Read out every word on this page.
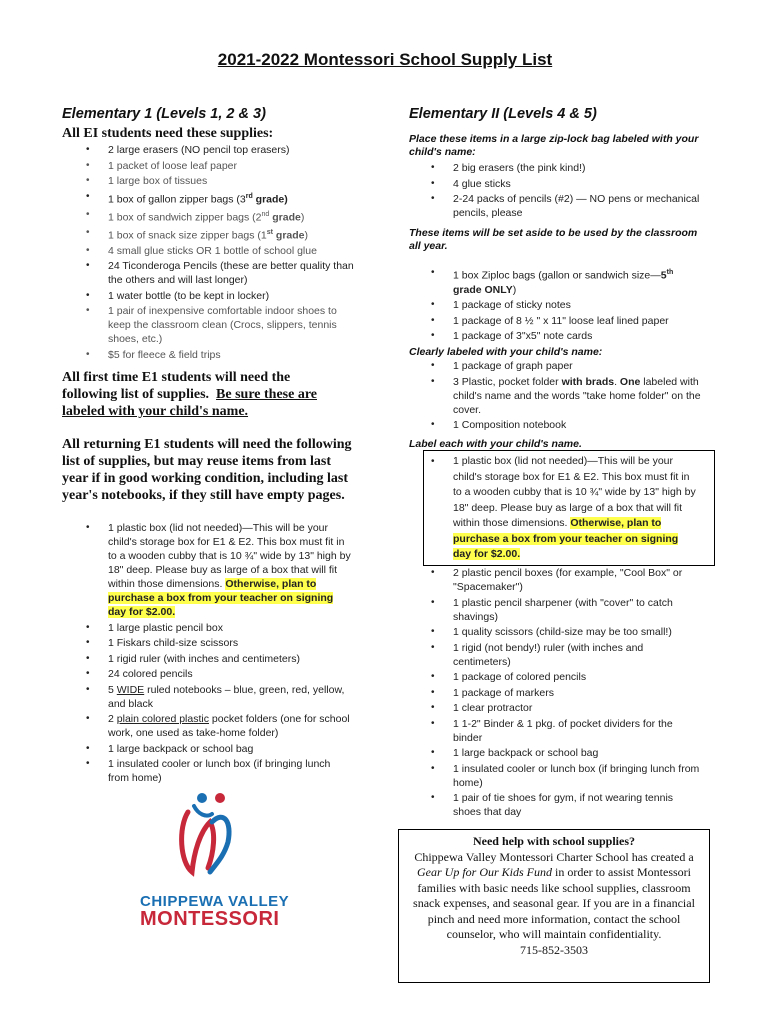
2021-2022 Montessori School Supply List
Elementary 1 (Levels 1, 2 & 3)
All EI students need these supplies:
• 2 large erasers (NO pencil top erasers)
• 1 packet of loose leaf paper
• 1 large box of tissues
• 1 box of gallon zipper bags (3rd grade)
• 1 box of sandwich zipper bags (2nd grade)
• 1 box of snack size zipper bags (1st grade)
• 4 small glue sticks OR 1 bottle of school glue
• 24 Ticonderoga Pencils (these are better quality than the others and will last longer)
• 1 water bottle (to be kept in locker)
• 1 pair of inexpensive comfortable indoor shoes to keep the classroom clean (Crocs, slippers, tennis shoes, etc.)
• $5 for fleece & field trips
All first time E1 students will need the following list of supplies. Be sure these are labeled with your child's name.
All returning E1 students will need the following list of supplies, but may reuse items from last year if in good working condition, including last year's notebooks, if they still have empty pages.
• 1 plastic box (lid not needed)—This will be your child's storage box for E1 & E2. This box must fit in to a wooden cubby that is 10 ¾" wide by 13" high by 18" deep. Please buy as large of a box that will fit within those dimensions. Otherwise, plan to purchase a box from your teacher on signing day for $2.00.
• 1 large plastic pencil box
• 1 Fiskars child-size scissors
• 1 rigid ruler (with inches and centimeters)
• 24 colored pencils
• 5 WIDE ruled notebooks – blue, green, red, yellow, and black
• 2 plain colored plastic pocket folders (one for school work, one used as take-home folder)
• 1 large backpack or school bag
• 1 insulated cooler or lunch box (if bringing lunch from home)
CHIPPEWA VALLEY
MONTESSORI
Elementary II (Levels 4 & 5)
Place these items in a large zip-lock bag labeled with your child's name:
• 2 big erasers (the pink kind!)
• 4 glue sticks
• 2-24 packs of pencils (#2) — NO pens or mechanical pencils, please
These items will be set aside to be used by the classroom all year.
• 1 box Ziploc bags (gallon or sandwich size—5th grade ONLY)
• 1 package of sticky notes
• 1 package of 8 ½ " x 11" loose leaf lined paper
• 1 package of 3"x5" note cards
Clearly labeled with your child's name:
• 1 package of graph paper
• 3 Plastic, pocket folder with brads. One labeled with child's name and the words "take home folder" on the cover.
• 1 Composition notebook
Label each with your child's name.
• 1 plastic box (lid not needed)—This will be your child's storage box for E1 & E2. This box must fit in to a wooden cubby that is 10 ¾" wide by 13" high by 18" deep. Please buy as large of a box that will fit within those dimensions. Otherwise, plan to purchase a box from your teacher on signing day for $2.00.
• 2 plastic pencil boxes (for example, "Cool Box" or "Spacemaker")
• 1 plastic pencil sharpener (with "cover" to catch shavings)
• 1 quality scissors (child-size may be too small!)
• 1 rigid (not bendy!) ruler (with inches and centimeters)
• 1 package of colored pencils
• 1 package of markers
• 1 clear protractor
• 1 1-2" Binder & 1 pkg. of pocket dividers for the binder
• 1 large backpack or school bag
• 1 insulated cooler or lunch box (if bringing lunch from home)
• 1 pair of tie shoes for gym, if not wearing tennis shoes that day
Need help with school supplies?
Chippewa Valley Montessori Charter School has created a Gear Up for Our Kids Fund in order to assist Montessori families with basic needs like school supplies, classroom snack expenses, and seasonal gear. If you are in a financial pinch and need more information, contact the school counselor, who will maintain confidentiality.
715-852-3503
